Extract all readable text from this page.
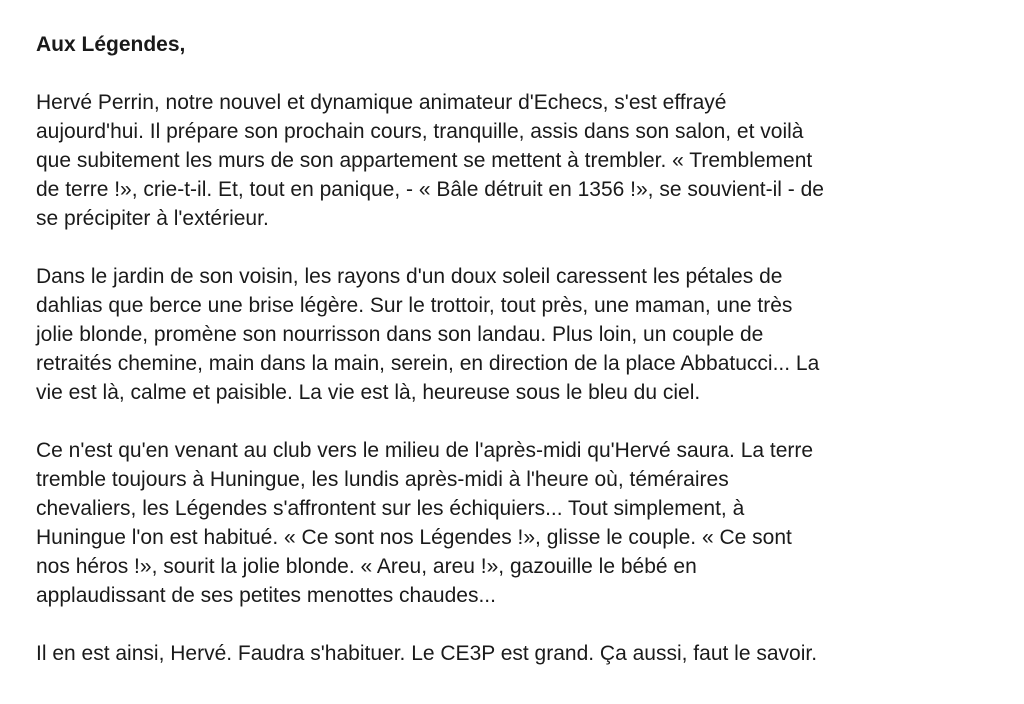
Aux Légendes,
Hervé Perrin, notre nouvel et dynamique animateur d'Echecs, s'est effrayé
aujourd'hui. Il prépare son prochain cours, tranquille, assis dans son salon, et voilà
que subitement les murs de son appartement se mettent à trembler. « Tremblement
de terre !», crie-t-il. Et, tout en panique, - « Bâle détruit en 1356 !», se souvient-il - de
se précipiter à l'extérieur.
Dans le jardin de son voisin, les rayons d'un doux soleil caressent les pétales de
dahlias que berce une brise légère. Sur le trottoir, tout près, une maman, une très
jolie blonde, promène son nourrisson dans son landau. Plus loin, un couple de
retraités chemine, main dans la main, serein, en direction de la place Abbatucci... La
vie est là, calme et paisible. La vie est là, heureuse sous le bleu du ciel.
Ce n'est qu'en venant au club vers le milieu de l'après-midi qu'Hervé saura. La terre
tremble toujours à Huningue, les lundis après-midi à l'heure où, téméraires
chevaliers, les Légendes s'affrontent sur les échiquiers... Tout simplement, à
Huningue l'on est habitué. « Ce sont nos Légendes !», glisse le couple. « Ce sont
nos héros !», sourit la jolie blonde. « Areu, areu !», gazouille le bébé en
applaudissant de ses petites menottes chaudes...
Il en est ainsi, Hervé. Faudra s'habituer. Le CE3P est grand. Ça aussi, faut le savoir.
